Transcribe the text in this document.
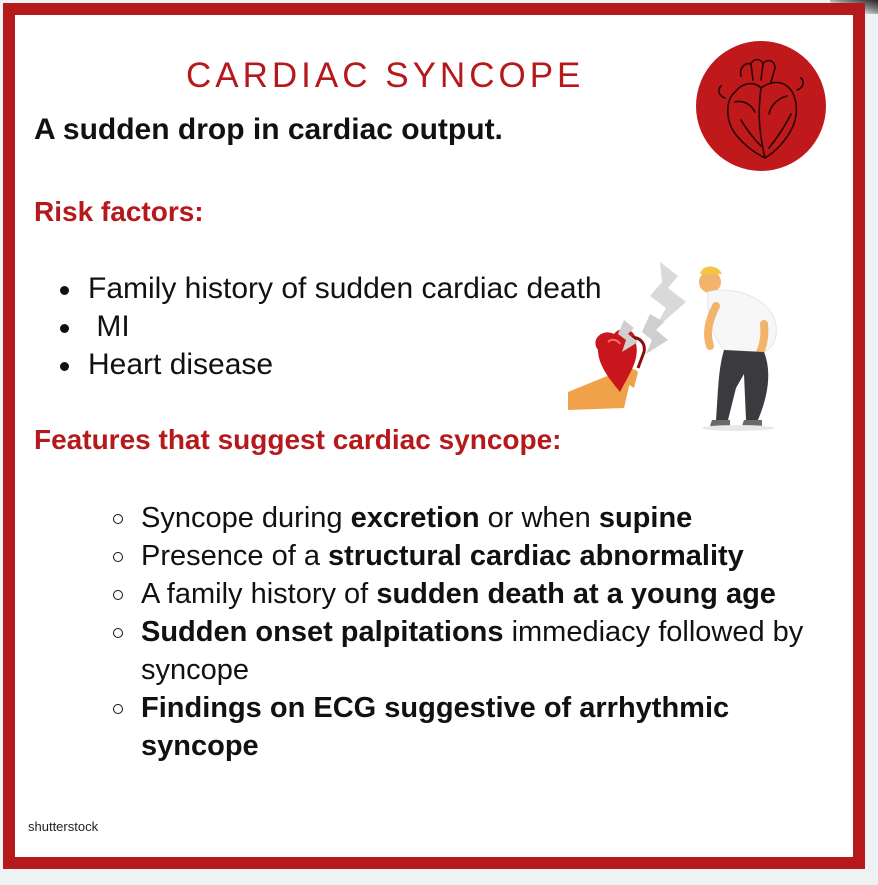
CARDIAC SYNCOPE

A sudden drop in cardiac output.

Risk factors:
Family history of sudden cardiac death
MI
Heart disease
Features that suggest cardiac syncope:
Syncope during excretion or when supine
Presence of a structural cardiac abnormality
A family history of sudden death at a young age
Sudden onset palpitations immediacy followed by syncope
Findings on ECG suggestive of arrhythmic syncope
shutterstock
